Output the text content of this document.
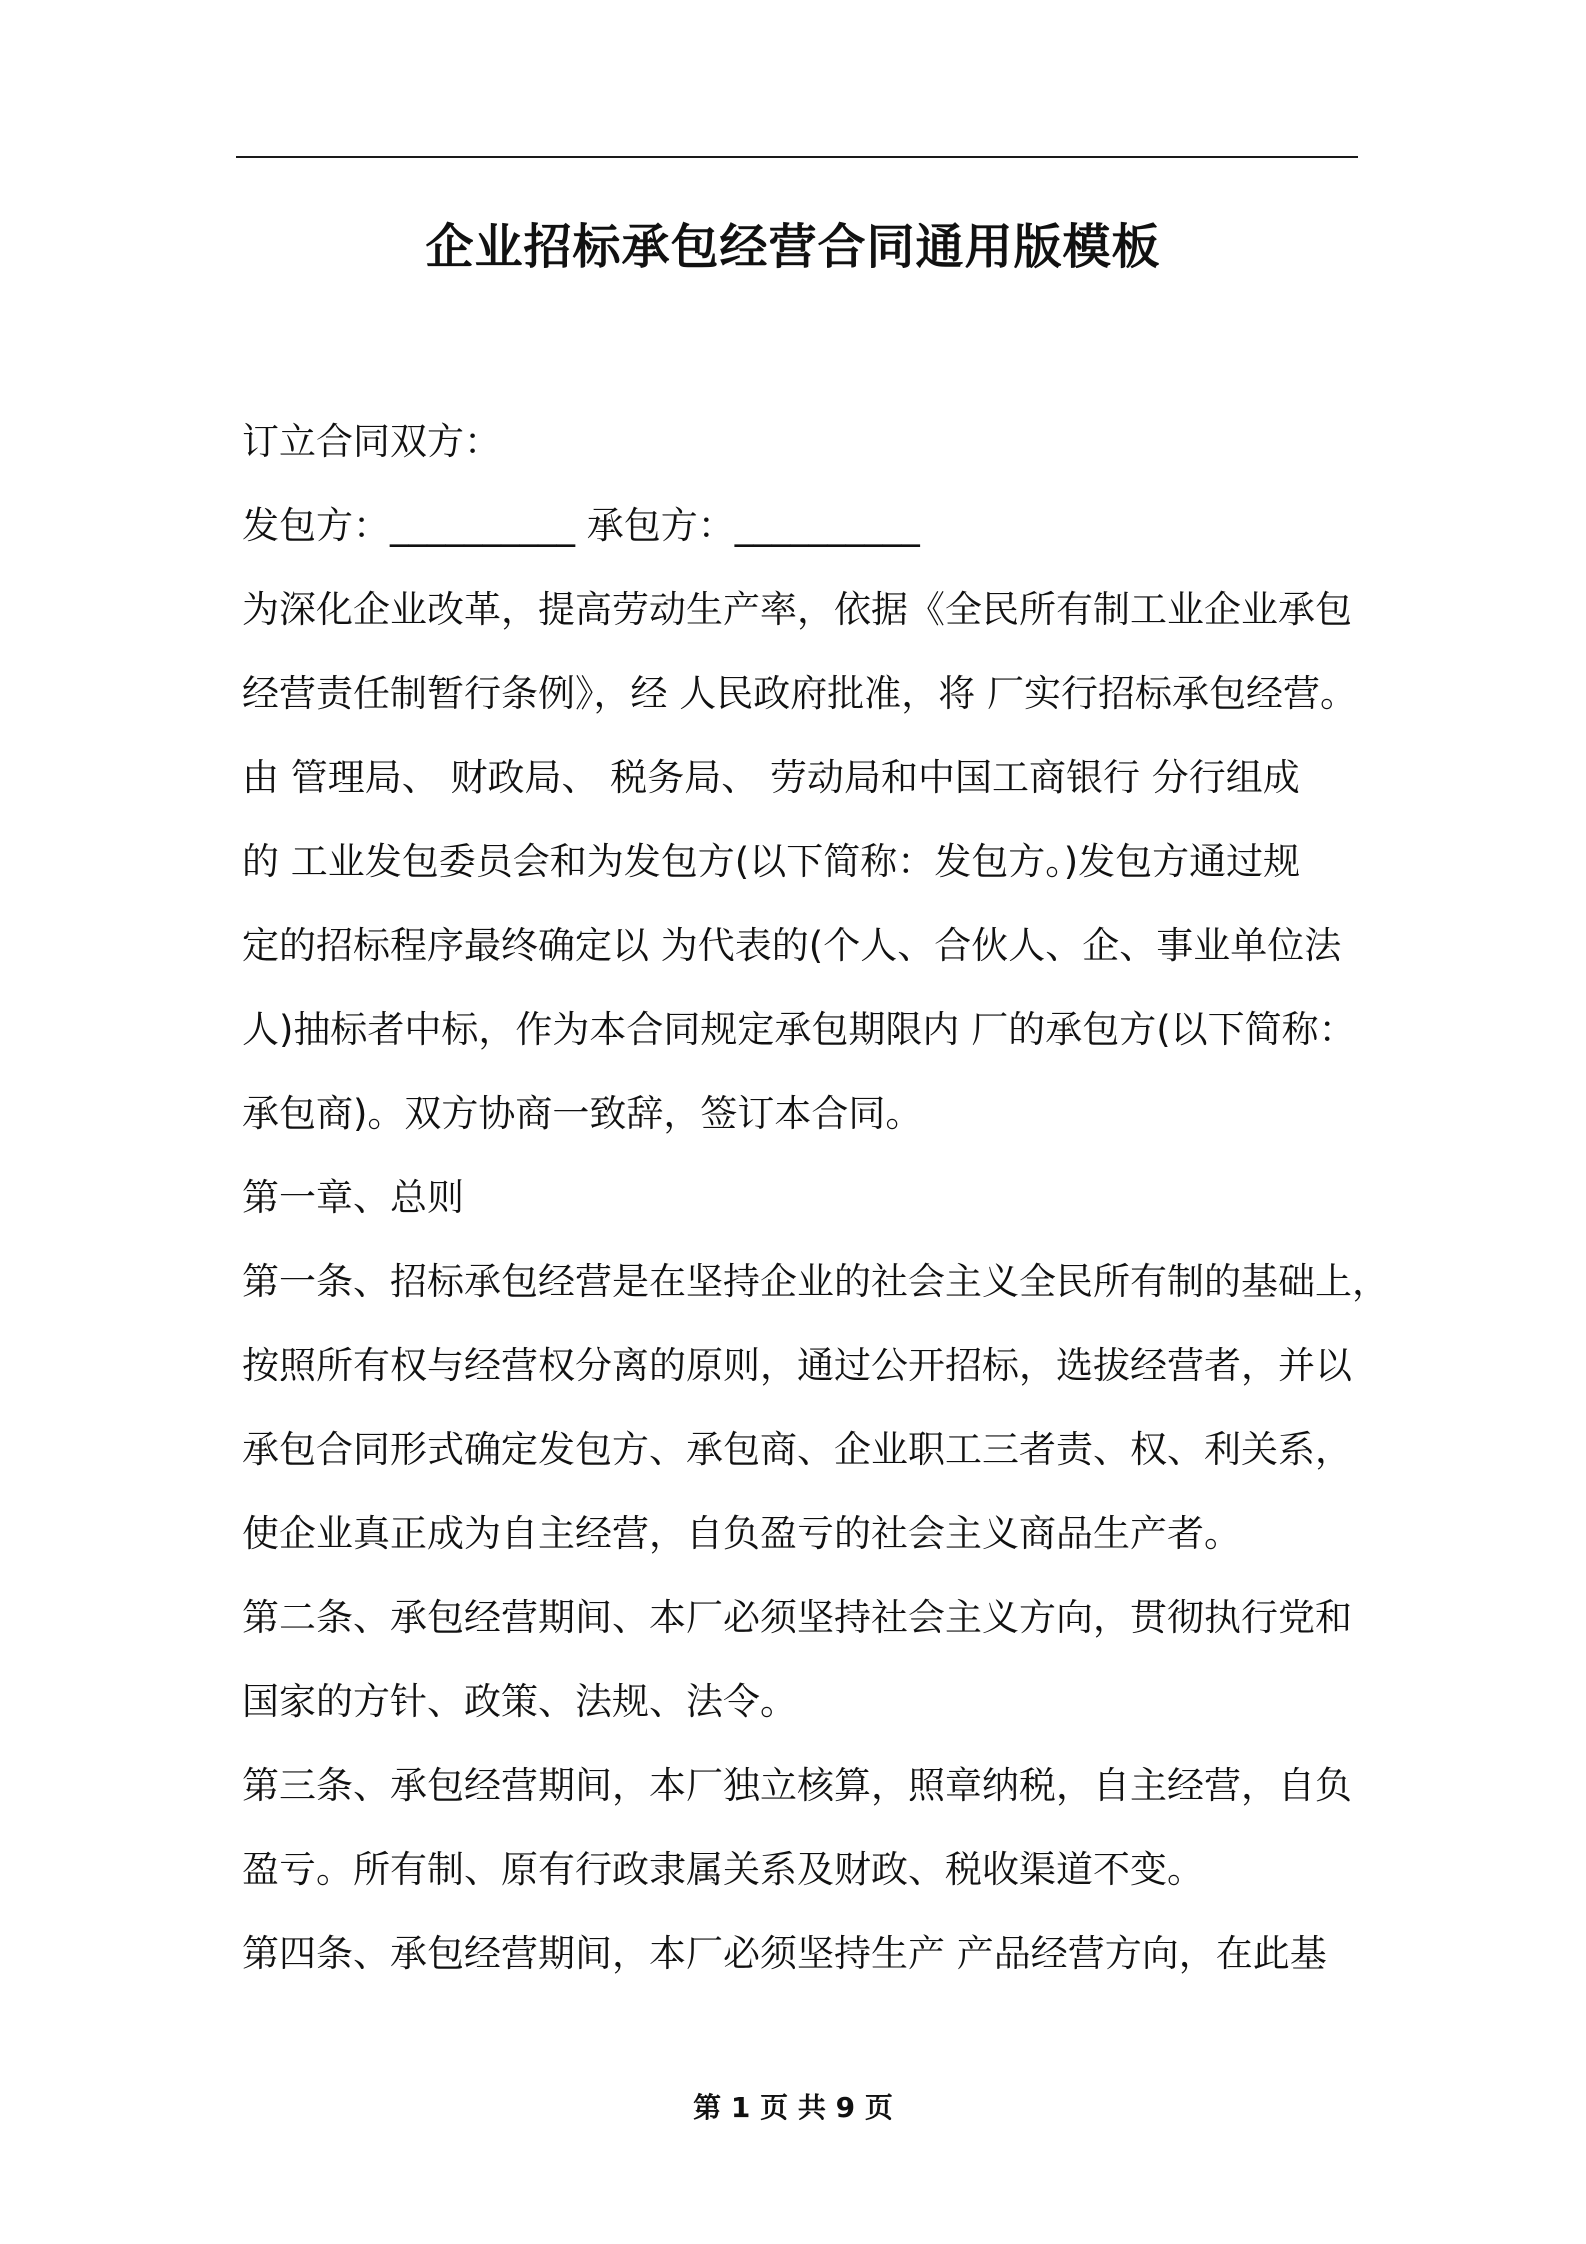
企业招标承包经营合同通用版模板
订立合同双方：
发包方：__________ 承包方：__________
为深化企业改革，提高劳动生产率，依据《全民所有制工业企业承包
经营责任制暂行条例》，经 人民政府批准，将 厂实行招标承包经营。
由 管理局、 财政局、 税务局、 劳动局和中国工商银行 分行组成
的 工业发包委员会和为发包方(以下简称：发包方。)发包方通过规
定的招标程序最终确定以 为代表的(个人、合伙人、企、事业单位法
人)抽标者中标，作为本合同规定承包期限内 厂的承包方(以下简称：
承包商)。双方协商一致辞，签订本合同。
第一章、总则
第一条、招标承包经营是在坚持企业的社会主义全民所有制的基础上，
按照所有权与经营权分离的原则，通过公开招标，选拔经营者，并以
承包合同形式确定发包方、承包商、企业职工三者责、权、利关系，
使企业真正成为自主经营，自负盈亏的社会主义商品生产者。
第二条、承包经营期间、本厂必须坚持社会主义方向，贯彻执行党和
国家的方针、政策、法规、法令。
第三条、承包经营期间，本厂独立核算，照章纳税，自主经营，自负
盈亏。所有制、原有行政隶属关系及财政、税收渠道不变。
第四条、承包经营期间，本厂必须坚持生产 产品经营方向，在此基
第 1 页 共 9 页
